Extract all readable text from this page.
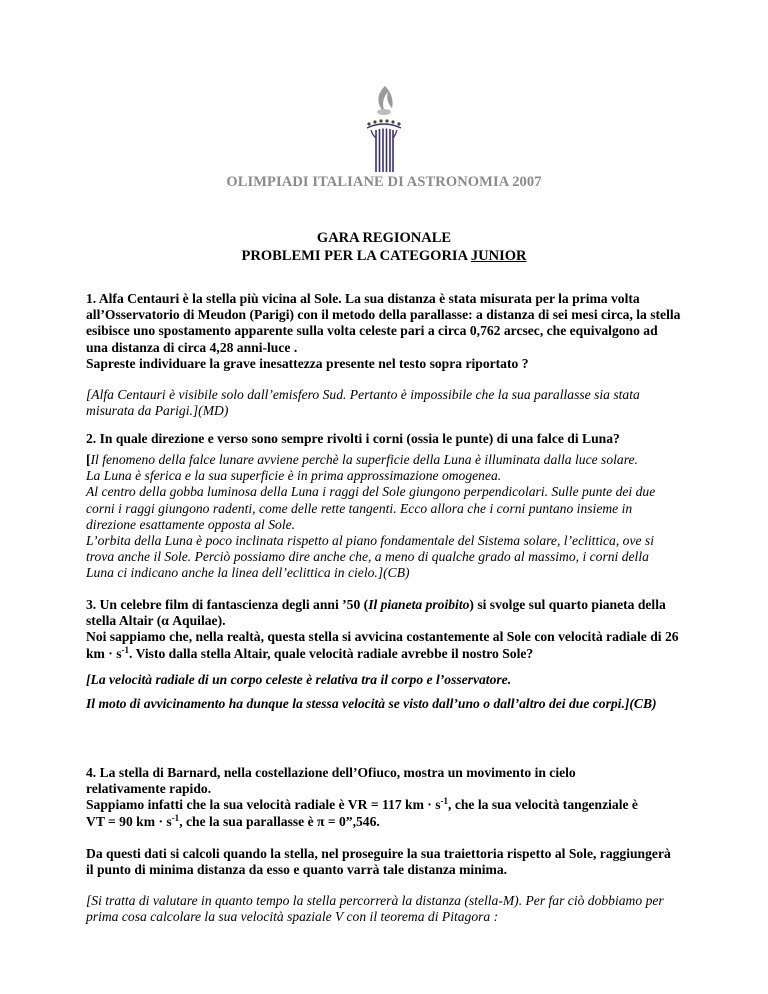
OLIMPIADI ITALIANE DI ASTRONOMIA 2007
GARA REGIONALE
PROBLEMI PER LA CATEGORIA JUNIOR
1. Alfa Centauri è la stella più vicina al Sole. La sua distanza è stata misurata per la prima volta
all’Osservatorio di Meudon (Parigi) con il metodo della parallasse: a distanza di sei mesi circa, la stella
esibisce uno spostamento apparente sulla volta celeste pari a circa 0,762 arcsec, che equivalgono ad
una distanza di circa 4,28 anni-luce .
Sapreste individuare la grave inesattezza presente nel testo sopra riportato ?
[Alfa Centauri è visibile solo dall’emisfero Sud. Pertanto è impossibile che la sua parallasse sia stata
misurata da Parigi.](MD)
2. In quale direzione e verso sono sempre rivolti i corni (ossia le punte) di una falce di Luna?
[Il fenomeno della falce lunare avviene perchè la superficie della Luna è illuminata dalla luce solare.
La Luna è sferica e la sua superficie è in prima approssimazione omogenea.
Al centro della gobba luminosa della Luna i raggi del Sole giungono perpendicolari. Sulle punte dei due
corni i raggi giungono radenti, come delle rette tangenti. Ecco allora che i corni puntano insieme in
direzione esattamente opposta al Sole.
L’orbita della Luna è poco inclinata rispetto al piano fondamentale del Sistema solare, l’eclittica, ove si
trova anche il Sole. Perciò possiamo dire anche che, a meno di qualche grado al massimo, i corni della
Luna ci indicano anche la linea dell’eclittica in cielo.](CB)
3. Un celebre film di fantascienza degli anni ’50 (Il pianeta proibito) si svolge sul quarto pianeta della
stella Altair (α Aquilae).
Noi sappiamo che, nella realtà, questa stella si avvicina costantemente al Sole con velocità radiale di 26
km · $s^{-1}$. Visto dalla stella Altair, quale velocità radiale avrebbe il nostro Sole?
[La velocità radiale di un corpo celeste è relativa tra il corpo e l’osservatore.
Il moto di avvicinamento ha dunque la stessa velocità se visto dall’uno o dall’altro dei due corpi.](CB)
4. La stella di Barnard, nella costellazione dell’Ofiuco, mostra un movimento in cielo
relativamente rapido.
Sappiamo infatti che la sua velocità radiale è VR = 117 km · $s^{-1}$, che la sua velocità tangenziale è
VT = 90 km · $s^{-1}$, che la sua parallasse è π = 0”,546.
Da questi dati si calcoli quando la stella, nel proseguire la sua traiettoria rispetto al Sole, raggiungerà
il punto di minima distanza da esso e quanto varrà tale distanza minima.
[Si tratta di valutare in quanto tempo la stella percorrerà la distanza (stella-M). Per far ciò dobbiamo per
prima cosa calcolare la sua velocità spaziale V con il teorema di Pitagora :
